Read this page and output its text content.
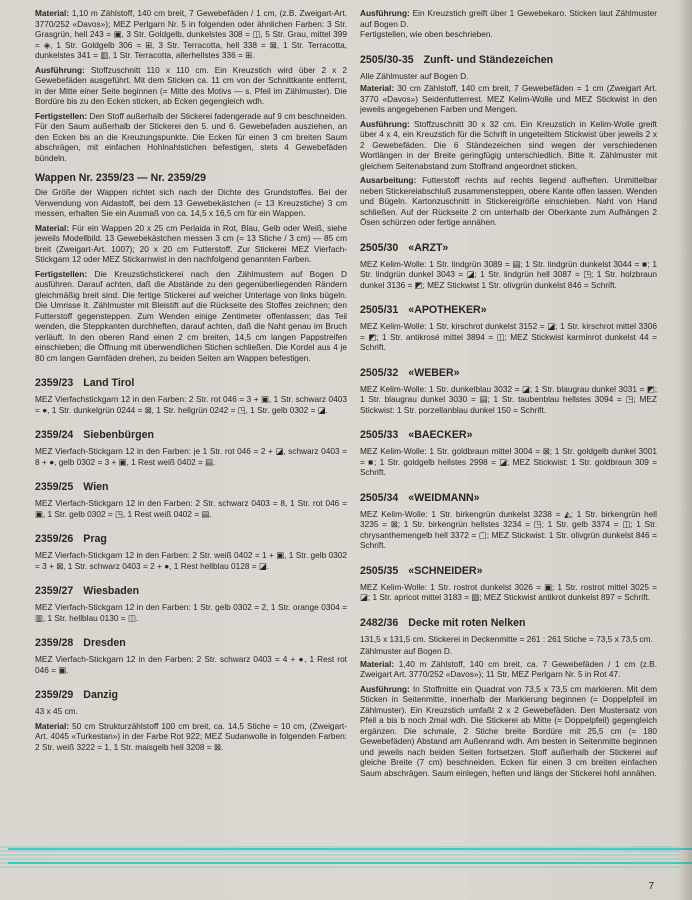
Material: 1,10 m Zählstoff, 140 cm breit, 7 Gewebefäden / 1 cm, (z.B. Zweigart-Art. 3770/252 «Davos»); MEZ Perlgarn Nr. 5 in folgenden oder ähnlichen Farben: 3 Str. Grasgrün, hell 243 = ▣, 3 Str. Goldgelb, dunkelstes 308 = ◫, 5 Str. Grau, mittel 399 = ◈, 1 Str. Goldgelb 306 = ⊞, 3 Str. Terracotta, hell 338 = ⊠, 1 Str. Terracotta, dunkelstes 341 = ▥, 1 Str. Terracotta, allerhellstes 336 = ⊞.

Ausführung: Stoffzuschnitt 110 x 110 cm. Ein Kreuzstich wird über 2 x 2 Gewebefäden ausgeführt. Mit dem Sticken ca. 11 cm von der Schnittkante entfernt, in der Mitte einer Seite beginnen (= Mitte des Motivs — s. Pfeil im Zählmuster). Die Bordüre bis zu den Ecken sticken, ab Ecken gegengleich wdh.

Fertigstellen: Den Stoff außerhalb der Stickerei fadengerade auf 9 cm beschneiden. Für den Saum außerhalb der Stickerei den 5. und 6. Gewebefaden ausziehen, an den Ecken bis an die Kreuzungspunkte. Die Ecken für einen 3 cm breiten Saum abschrägen, mit einfachen Hohlnahtstichen befestigen, stets 4 Gewebefäden bündeln.

Wappen Nr. 2359/23 — Nr. 2359/29

Die Größe der Wappen richtet sich nach der Dichte des Grundstoffes. Bei der Verwendung von Aidastoff, bei dem 13 Gewebekästchen (= 13 Kreuzstiche) 3 cm messen, erhalten Sie ein Ausmaß von ca. 14,5 x 16,5 cm für ein Wappen.

Material: Für ein Wappen 20 x 25 cm Perlaida in Rot, Blau, Gelb oder Weiß, siehe jeweils Modellbild. 13 Gewebekästchen messen 3 cm (= 13 Stiche / 3 cm) — 85 cm breit (Zweigart-Art. 1007); 20 x 20 cm Futterstoff. Zur Stickerei MEZ Vierfach-Stickgarn 12 oder MEZ Stickarnwist in den nachfolgend genannten Farben.

Fertigstellen: Die Kreuzstichstickerei nach den Zählmustern auf Bogen D ausführen. Darauf achten, daß die Abstände zu den gegenüberliegenden Rändern gleichmäßig breit sind. Die fertige Stickerei auf weicher Unterlage von links bügeln. Die Umrisse lt. Zählmuster mit Bleistift auf die Rückseite des Stoffes zeichnen; den Futterstoff gegensteppen. Zum Wenden einige Zentimeter offenlassen; das Teil wenden, die Steppkanten durchheften, darauf achten, daß die Naht genau im Bruch verläuft. In den oberen Rand einen 2 cm breiten, 14,5 cm langen Pappstreifen einschieben; die Öffnung mit überwendlichen Stichen schließen. Die Kordel aus 4 je 80 cm langen Garnfäden drehen, zu beiden Seiten am Wappen befestigen.

2359/23 Land Tirol

MEZ Vierfachstickgarn 12 in den Farben: 2 Str. rot 046 = 3 + ▣, 1 Str. schwarz 0403 = ●, 1 Str. dunkelgrün 0244 = ⊠, 1 Str. hellgrün 0242 = ◳, 1 Str. gelb 0302 = ◪.

2359/24 Siebenbürgen

MEZ Vierfach-Stickgarn 12 in den Farben: je 1 Str. rot 046 = 2 + ◪, schwarz 0403 = 8 + ●, gelb 0302 = 3 + ▣, 1 Rest weiß 0402 = ▤.

2359/25 Wien

MEZ Vierfach-Stickgarn 12 in den Farben: 2 Str. schwarz 0403 = 8, 1 Str. rot 046 = ▣, 1 Str. gelb 0302 = ◳, 1 Rest weiß 0402 = ▤.

2359/26 Prag

MEZ Vierfach-Stickgarn 12 in den Farben: 2 Str. weiß 0402 = 1 + ▣, 1 Str. gelb 0302 = 3 + ⊠, 1 Str. schwarz 0403 = 2 + ●, 1 Rest hellblau 0128 = ◪.

2359/27 Wiesbaden

MEZ Vierfach-Stickgarn 12 in den Farben: 1 Str. gelb 0302 = 2, 1 Str. orange 0304 = ▥, 1 Str. hellblau 0130 = ◫.

2359/28 Dresden

MEZ Vierfach-Stickgarn 12 in den Farben: 2 Str. schwarz 0403 = 4 + ●, 1 Rest rot 046 = ▣.

2359/29 Danzig

43 x 45 cm.

Material: 50 cm Strukturzählstoff 100 cm breit, ca. 14,5 Stiche = 10 cm, (Zweigart-Art. 4045 «Turkestan») in der Farbe Rot 922; MEZ Sudanwolle in folgenden Farben: 2 Str. weiß 3222 = 1, 1 Str. maisgelb hell 3208 = ⊠.

Ausführung: Ein Kreuzstich greift über 1 Gewebekaro. Sticken laut Zählmuster auf Bogen D.
Fertigstellen, wie oben beschrieben.

2505/30-35 Zunft- und Ständezeichen

Alle Zählmuster auf Bogen D.

Material: 30 cm Zählstoff, 140 cm breit, 7 Gewebefäden = 1 cm (Zweigart Art. 3770 «Davos») Seidenfutterrest. MEZ Kelim-Wolle und MEZ Stickwist in den jeweils angegebenen Farben und Mengen.

Ausführung: Stoffzuschnitt 30 x 32 cm. Ein Kreuzstich in Kelim-Wolle greift über 4 x 4, ein Kreuzstich für die Schrift in ungeteiltem Stickwist über jeweils 2 x 2 Gewebefäden. Die 6 Ständezeichen sind wegen der verschiedenen Wortlängen in der Breite geringfügig unterschiedlich. Bitte lt. Zählmuster mit gleichem Seitenabstand zum Stoffrand angeordnet sticken.

Ausarbeitung: Futterstoff rechts auf rechts liegend aufheften. Unmittelbar neben Stickereiabschluß zusammensteppen, obere Kante offen lassen. Wenden und Bügeln. Kartonzuschnitt in Stickereigröße einschieben. Naht von Hand schließen. Auf der Rückseite 2 cm unterhalb der Oberkante zum Aufhängen 2 Ösen schürzen oder fertige annähen.

2505/30 «ARZT»

MEZ Kelim-Wolle: 1 Str. lindgrün 3089 = ▤; 1 Str. lindgrün dunkelst 3044 = ■; 1 Str. lindgrün dunkel 3043 = ◪; 1 Str. lindgrün hell 3087 = ◳; 1 Str. holzbraun dunkel 3136 = ◩; MEZ Stickwist 1 Str. olivgrün dunkelst 846 = Schrift.

2505/31 «APOTHEKER»

MEZ Kelim-Wolle: 1 Str. kirschrot dunkelst 3152 = ◪; 1 Str. kirschrot mittel 3306 = ◩; 1 Str. antikrosé mittel 3894 = ◫; MEZ Stickwist karminrot dunkelst 44 = Schrift.

2505/32 «WEBER»

MEZ Kelim-Wolle: 1 Str. dunkelblau 3032 = ◪; 1 Str. blaugrau dunkel 3031 = ◩; 1 Str. blaugrau dunkel 3030 = ▤; 1 Str. taubenblau hellstes 3094 = ◳; MEZ Stickwist: 1 Str. porzellanblau dunkel 150 = Schrift.

2505/33 «BAECKER»

MEZ Kelim-Wolle: 1 Str. goldbraun mittel 3004 = ⊠; 1 Str. goldgelb dunkel 3001 = ■; 1 Str. goldgelb hellstes 2998 = ◪; MEZ Stickwist: 1 Str. goldbraun 309 = Schrift.

2505/34 «WEIDMANN»

MEZ Kelim-Wolle: 1 Str. birkengrün dunkelst 3238 = ◭; 1 Str. birkengrün hell 3235 = ⊠; 1 Str. birkengrün hellstes 3234 = ◳; 1 Str. gelb 3374 = ◫; 1 Str. chrysanthemengelb hell 3372 = ▢; MEZ Stickwist: 1 Str. olivgrün dunkelst 846 = Schrift.

2505/35 «SCHNEIDER»

MEZ Kelim-Wolle: 1 Str. rostrot dunkelst 3026 = ▣; 1 Str. rostrot mittel 3025 = ◪; 1 Str. apricot mittel 3183 = ▧; MEZ Stickwist antikrot dunkelst 897 = Schrift.

2482/36 Decke mit roten Nelken

131,5 x 131,5 cm. Stickerei in Deckenmitte = 261 : 261 Stiche = 73,5 x 73,5 cm.

Zählmuster auf Bogen D.

Material: 1,40 m Zählstoff, 140 cm breit, ca. 7 Gewebefäden / 1 cm (z.B. Zweigart Art. 3770/252 «Davos»); 11 Str. MEZ Perlgarn Nr. 5 in Rot 47.

Ausführung: In Stoffmitte ein Quadrat von 73,5 x 73,5 cm markieren. Mit dem Sticken in Seitenmitte, innerhalb der Markierung beginnen (= Doppelpfeil im Zählmuster). Ein Kreuzstich umfaßt 2 x 2 Gewebefäden. Den Mustersatz von Pfeil a bis b noch 2mal wdh. Die Stickerei ab Mitte (= Doppelpfeil) gegengleich ergänzen. Die schmale, 2 Stiche breite Bordüre mit 25,5 cm (= 180 Gewebefäden) Abstand am Außenrand wdh. Am besten in Seitenmitte beginnen und jeweils nach beiden Seiten fortsetzen. Stoff außerhalb der Stickerei auf gleiche Breite (7 cm) beschneiden. Ecken für einen 3 cm breiten einfachen Saum abschrägen. Saum einlegen, heften und längs der Stickerei hohl annähen.

7
